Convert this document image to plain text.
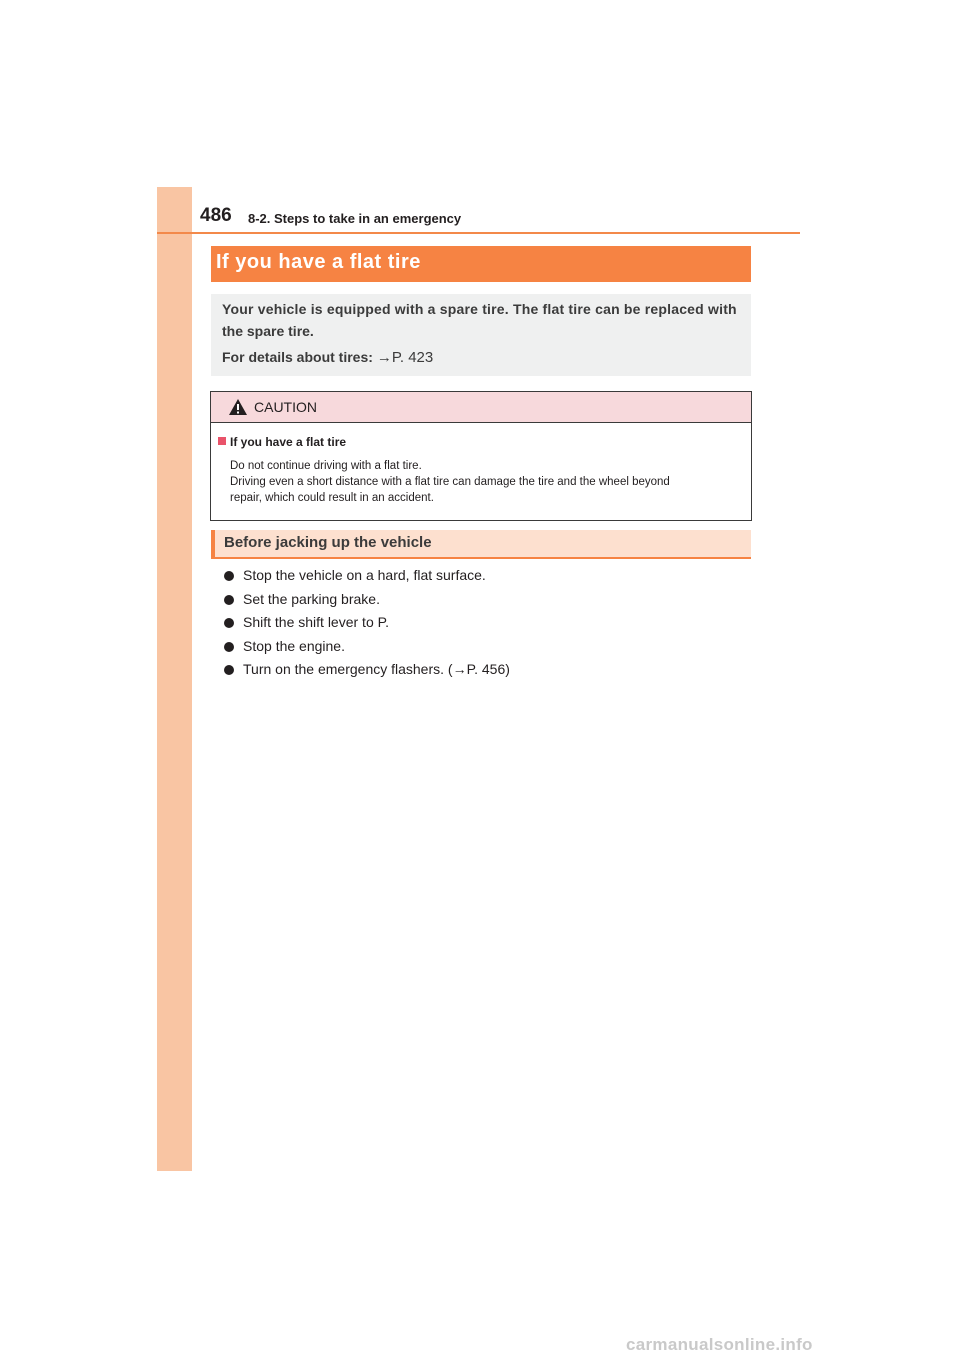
486 8-2. Steps to take in an emergency
If you have a flat tire
Your vehicle is equipped with a spare tire. The flat tire can be replaced with
the spare tire.
For details about tires: →P. 423
CAUTION
If you have a flat tire
Do not continue driving with a flat tire.
Driving even a short distance with a flat tire can damage the tire and the wheel beyond
repair, which could result in an accident.
Before jacking up the vehicle
Stop the vehicle on a hard, flat surface.
Set the parking brake.
Shift the shift lever to P.
Stop the engine.
Turn on the emergency flashers. (→P. 456)
carmanualsonline.info
